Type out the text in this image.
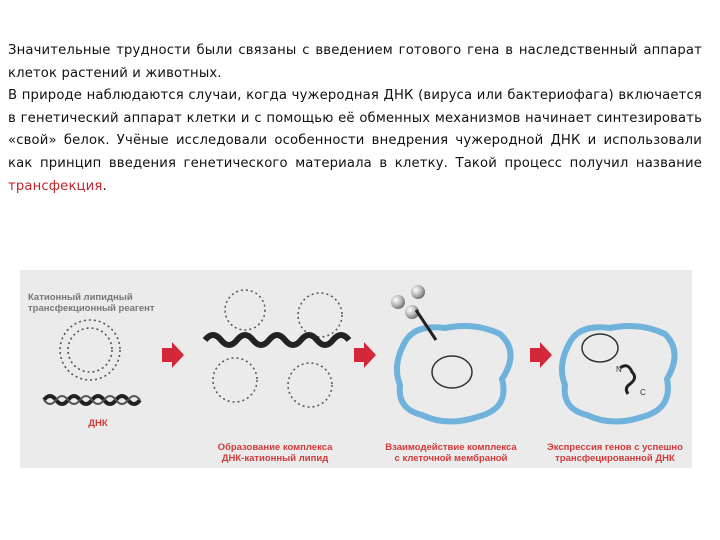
Значительные трудности были связаны с введением готового гена в наследственный аппарат клеток растений и животных.

В природе наблюдаются случаи, когда чужеродная ДНК (вируса или бактериофага) включается в генетический аппарат клетки и с помощью её обменных механизмов начинает синтезировать «свой» белок. Учёные исследовали особенности внедрения чужеродной ДНК и использовали как принцип введения генетического материала в клетку. Такой процесс получил название трансфекция.

N
C
Катионный липидный
трансфекционный реагент
ДНК
Образование комплекса
ДНК-катионный липид
Взаимодействие комплекса
с клеточной мембраной
Экспрессия генов с успешно
трансфецированной ДНК
